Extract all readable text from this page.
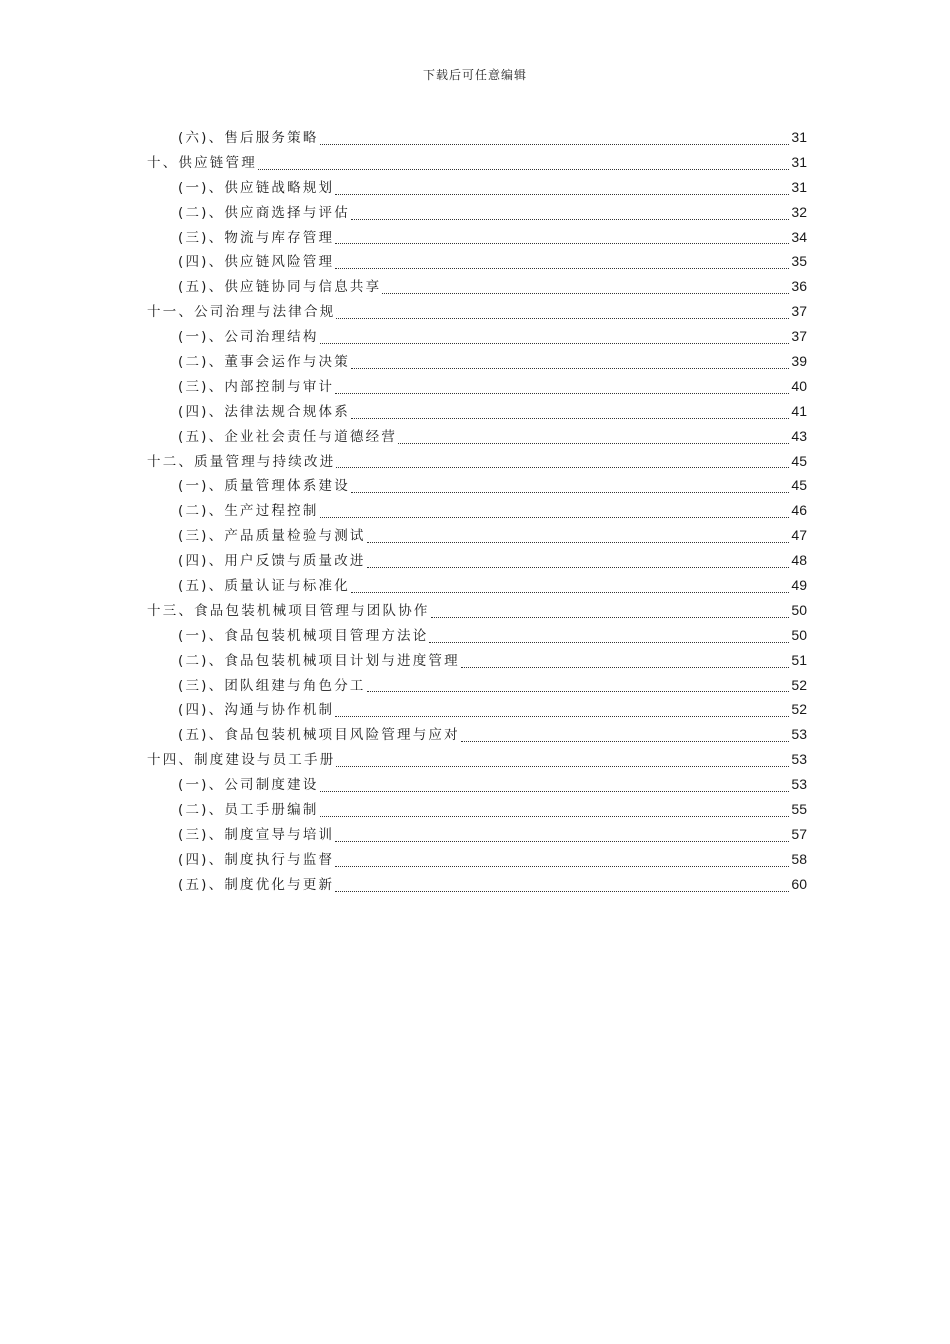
下载后可任意编辑
(六)、售后服务策略	31
十、供应链管理	31
(一)、供应链战略规划	31
(二)、供应商选择与评估	32
(三)、物流与库存管理	34
(四)、供应链风险管理	35
(五)、供应链协同与信息共享	36
十一、公司治理与法律合规	37
(一)、公司治理结构	37
(二)、董事会运作与决策	39
(三)、内部控制与审计	40
(四)、法律法规合规体系	41
(五)、企业社会责任与道德经营	43
十二、质量管理与持续改进	45
(一)、质量管理体系建设	45
(二)、生产过程控制	46
(三)、产品质量检验与测试	47
(四)、用户反馈与质量改进	48
(五)、质量认证与标准化	49
十三、食品包装机械项目管理与团队协作	50
(一)、食品包装机械项目管理方法论	50
(二)、食品包装机械项目计划与进度管理	51
(三)、团队组建与角色分工	52
(四)、沟通与协作机制	52
(五)、食品包装机械项目风险管理与应对	53
十四、制度建设与员工手册	53
(一)、公司制度建设	53
(二)、员工手册编制	55
(三)、制度宣导与培训	57
(四)、制度执行与监督	58
(五)、制度优化与更新	60
